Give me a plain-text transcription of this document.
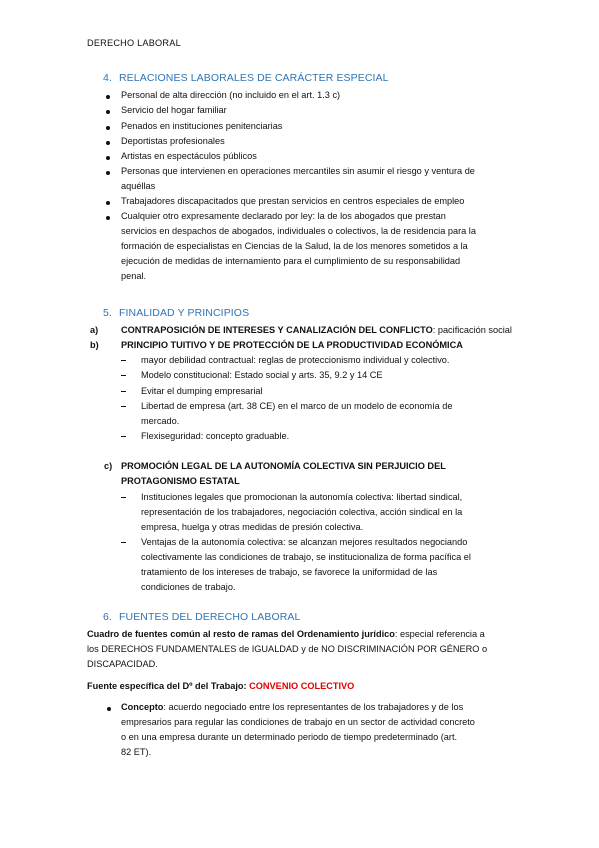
DERECHO LABORAL
4. RELACIONES LABORALES DE CARÁCTER ESPECIAL
Personal de alta dirección (no incluido en el art. 1.3 c)
Servicio del hogar familiar
Penados en instituciones penitenciarias
Deportistas profesionales
Artistas en espectáculos públicos
Personas que intervienen en operaciones mercantiles sin asumir el riesgo y ventura de
aquéllas
Trabajadores discapacitados que prestan servicios en centros especiales de empleo
Cualquier otro expresamente declarado por ley: la de los abogados que prestan
servicios en despachos de abogados, individuales o colectivos, la de residencia para la
formación de especialistas en Ciencias de la Salud, la de los menores sometidos a la
ejecución de medidas de internamiento para el cumplimiento de su responsabilidad
penal.
5. FINALIDAD Y PRINCIPIOS
a) CONTRAPOSICIÓN DE INTERESES Y CANALIZACIÓN DEL CONFLICTO: pacificación social
b) PRINCIPIO TUITIVO Y DE PROTECCIÓN DE LA PRODUCTIVIDAD ECONÓMICA
mayor debilidad contractual: reglas de proteccionismo individual y colectivo.
Modelo constitucional: Estado social y arts. 35, 9.2 y 14 CE
Evitar el dumping empresarial
Libertad de empresa (art. 38 CE) en el marco de un modelo de economía de
mercado.
Flexiseguridad: concepto graduable.
c) PROMOCIÓN LEGAL DE LA AUTONOMÍA COLECTIVA SIN PERJUICIO DEL
PROTAGONISMO ESTATAL
Instituciones legales que promocionan la autonomía colectiva: libertad sindical,
representación de los trabajadores, negociación colectiva, acción sindical en la
empresa, huelga y otras medidas de presión colectiva.
Ventajas de la autonomía colectiva: se alcanzan mejores resultados negociando
colectivamente las condiciones de trabajo, se institucionaliza de forma pacífica el
tratamiento de los intereses de trabajo, se favorece la uniformidad de las
condiciones de trabajo.
6. FUENTES DEL DERECHO LABORAL
Cuadro de fuentes común al resto de ramas del Ordenamiento jurídico: especial referencia a
los DERECHOS FUNDAMENTALES de IGUALDAD y de NO DISCRIMINACIÓN POR GÉNERO o
DISCAPACIDAD.
Fuente específica del Dº del Trabajo: CONVENIO COLECTIVO
Concepto: acuerdo negociado entre los representantes de los trabajadores y de los
empresarios para regular las condiciones de trabajo en un sector de actividad concreto
o en una empresa durante un determinado periodo de tiempo predeterminado (art.
82 ET).
